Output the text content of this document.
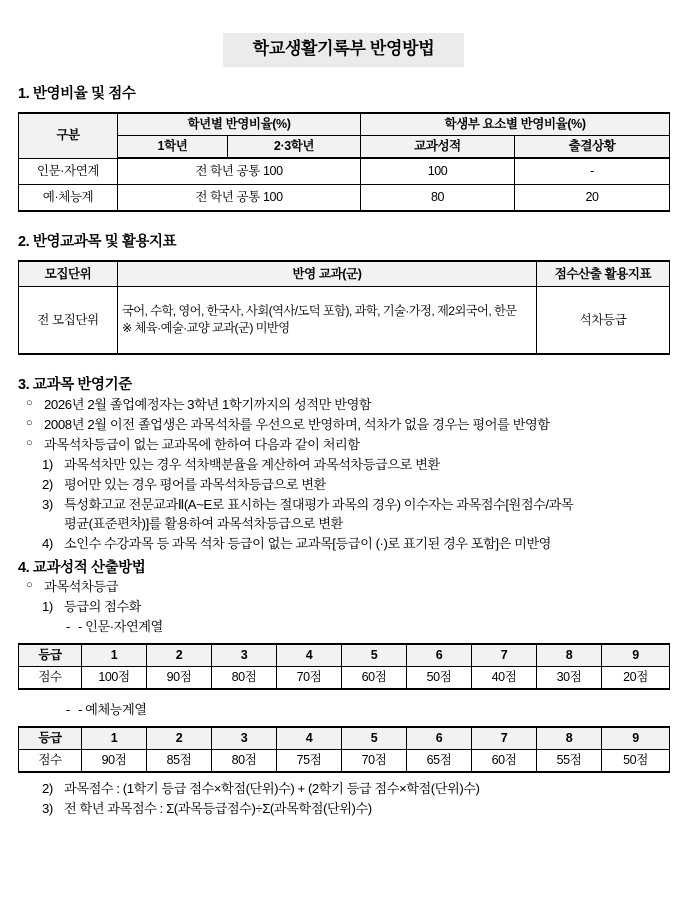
학교생활기록부 반영방법
1. 반영비율 및 점수
구분	학년별 반영비율(%)		학생부 요소별 반영비율(%)	
	1학년	2·3학년	교과성적	출결상황
인문·자연계	전 학년 공통 100		100	-
예·체능계	전 학년 공통 100		80	20
2. 반영교과목 및 활용지표
모집단위	반영 교과(군)	점수산출 활용지표
전 모집단위	국어, 수학, 영어, 한국사, 사회(역사/도덕 포함), 과학, 기술·가정, 제2외국어, 한문
※ 체육·예술·교양 교과(군) 미반영	석차등급
3. 교과목 반영기준
○ 2026년 2월 졸업예정자는 3학년 1학기까지의 성적만 반영함
○ 2008년 2월 이전 졸업생은 과목석차를 우선으로 반영하며, 석차가 없을 경우는 평어를 반영함
○ 과목석차등급이 없는 교과목에 한하여 다음과 같이 처리함
1) 과목석차만 있는 경우 석차백분율을 계산하여 과목석차등급으로 변환
2) 평어만 있는 경우 평어를 과목석차등급으로 변환
3) 특성화고교 전문교과Ⅱ(A~E로 표시하는 절대평가 과목의 경우) 이수자는 과목점수[원점수/과목
평균(표준편차)]를 활용하여 과목석차등급으로 변환
4) 소인수 수강과목 등 과목 석차 등급이 없는 교과목[등급이 (·)로 표기된 경우 포함]은 미반영
4. 교과성적 산출방법
○ 과목석차등급
1) 등급의 점수화
- - 인문·자연계열
등급	1	2	3	4	5	6	7	8	9
점수	100점	90점	80점	70점	60점	50점	40점	30점	20점
- - 예체능계열
등급	1	2	3	4	5	6	7	8	9
점수	90점	85점	80점	75점	70점	65점	60점	55점	50점
2) 과목점수 : (1학기 등급 점수×학점(단위)수) + (2학기 등급 점수×학점(단위)수)
3) 전 학년 과목점수 : Σ(과목등급점수)÷Σ(과목학점(단위)수)
